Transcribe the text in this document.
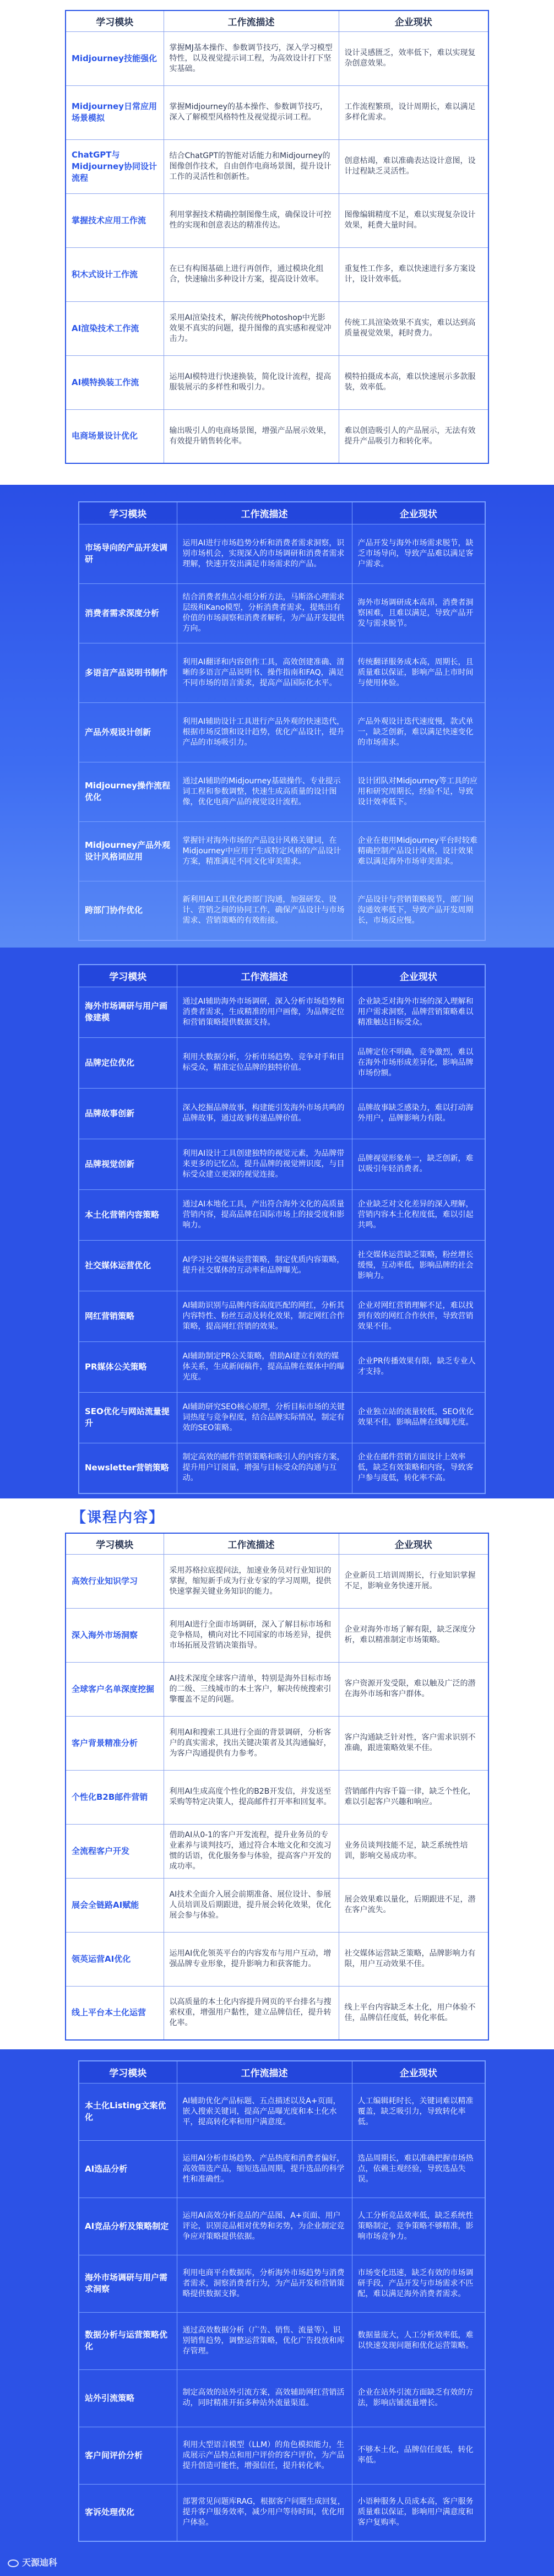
学习模块	工作流描述	企业现状
Midjourney技能强化	掌握MJ基本操作、参数调节技巧，深入学习模型特性，以及视觉提示词工程，为高效设计打下坚实基础。	设计灵感匮乏，效率低下，难以实现复杂创意效果。
Midjourney日常应用场景模拟	掌握Midjourney的基本操作、参数调节技巧，深入了解模型风格特性及视觉提示词工程。	工作流程繁琐，设计周期长，难以满足多样化需求。
ChatGPT与Midjourney协同设计流程	结合ChatGPT的智能对话能力和Midjourney的图像创作技术，自由创作电商场景图，提升设计工作的灵活性和创新性。	创意枯竭，难以准确表达设计意图，设计过程缺乏灵活性。
掌握技术应用工作流	利用掌握技术精确控制图像生成，确保设计可控性的实现和创意表达的精准传达。	图像编辑精度不足，难以实现复杂设计效果，耗费大量时间。
积木式设计工作流	在已有构图基础上进行再创作，通过模块化组合，快速输出多种设计方案，提高设计效率。	重复性工作多，难以快速进行多方案设计，设计效率低。
AI渲染技术工作流	采用AI渲染技术，解决传统Photoshop中光影效果不真实的问题，提升图像的真实感和视觉冲击力。	传统工具渲染效果不真实，难以达到高质量视觉效果，耗时费力。
AI模特换装工作流	运用AI模特进行快速换装，简化设计流程，提高服装展示的多样性和吸引力。	模特拍摄成本高，难以快速展示多款服装，效率低。
电商场景设计优化	输出吸引人的电商场景图，增强产品展示效果，有效提升销售转化率。	难以创造吸引人的产品展示，无法有效提升产品吸引力和转化率。
学习模块	工作流描述	企业现状
市场导向的产品开发调研	运用AI进行市场趋势分析和消费者需求洞察，识别市场机会，实现深入的市场调研和消费者需求理解，快速开发出满足市场需求的产品。	产品开发与海外市场需求脱节，缺乏市场导向，导致产品难以满足客户需求。
消费者需求深度分析	结合消费者焦点小组分析方法，马斯洛心理需求层级和Kano模型，分析消费者需求，提炼出有价值的市场洞察和消费者解析，为产品开发提供方向。	海外市场调研成本高昂，消费者洞察困难，且难以满足，导致产品开发与需求脱节。
多语言产品说明书制作	利用AI翻译和内容创作工具，高效创建准确、清晰的多语言产品说明书、操作指南和FAQ，满足不同市场的语言需求，提高产品国际化水平。	传统翻译服务成本高，周期长，且质量难以保证，影响产品上市时间与使用体验。
产品外观设计创新	利用AI辅助设计工具进行产品外观的快速迭代，根据市场反馈和设计趋势，优化产品设计，提升产品的市场吸引力。	产品外观设计迭代速度慢，款式单一，缺乏创新，难以满足快速变化的市场需求。
Midjourney操作流程优化	通过AI辅助的Midjourney基础操作、专业提示词工程和参数调整，快速生成高质量的设计图像，优化电商产品的视觉设计流程。	设计团队对Midjourney等工具的应用和研究周期长，经验不足，导致设计效率低下。
Midjourney产品外观设计风格词应用	掌握针对海外市场的产品设计风格关键词，在Midjourney中应用于生成特定风格的产品设计方案，精准满足不同文化审美需求。	企业在使用Midjourney平台时较难精确控制产品设计风格，设计效果难以满足海外市场审美需求。
跨部门协作优化	新利用AI工具优化跨部门沟通，加强研发、设计、营销之间的协同工作，确保产品设计与市场需求、营销策略的有效衔接。	产品设计与营销策略脱节，部门间沟通效率低下，导致产品开发周期长，市场反应慢。
学习模块	工作流描述	企业现状
海外市场调研与用户画像建模	通过AI辅助海外市场调研，深入分析市场趋势和消费者需求，生成精准的用户画像，为品牌定位和营销策略提供数据支持。	企业缺乏对海外市场的深入理解和用户需求洞察，品牌营销策略难以精准触达目标受众。
品牌定位优化	利用大数据分析，分析市场趋势、竞争对手和目标受众，精准定位品牌的独特价值。	品牌定位不明确，竞争激烈，难以在海外市场形成差异化，影响品牌市场份额。
品牌故事创新	深入挖掘品牌故事，构建能引发海外市场共鸣的品牌故事，通过故事传递品牌价值。	品牌故事缺乏感染力，难以打动海外用户，品牌影响力有限。
品牌视觉创新	利用AI设计工具创建独特的视觉元素，为品牌带来更多的记忆点，提升品牌的视觉辨识度，与目标受众建立更深的视觉连接。	品牌视觉形象单一，缺乏创新，难以吸引年轻消费者。
本土化营销内容策略	通过AI本地化工具，产出符合海外文化的高质量营销内容，提高品牌在国际市场上的接受度和影响力。	企业缺乏对文化差异的深入理解，营销内容本土化程度低，难以引起共鸣。
社交媒体运营优化	AI学习社交媒体运营策略，制定优质内容策略，提升社交媒体的互动率和品牌曝光。	社交媒体运营缺乏策略，粉丝增长缓慢，互动率低，影响品牌的社会影响力。
网红营销策略	AI辅助识别与品牌内容高度匹配的网红，分析其内容特性、粉丝互动及转化效果，制定网红合作策略，提高网红营销的效果。	企业对网红营销理解不足，难以找到有效的网红合作伙伴，导致营销效果不佳。
PR媒体公关策略	AI辅助制定PR公关策略，借助AI建立有效的媒体关系，生成新闻稿件，提高品牌在媒体中的曝光度。	企业PR传播效果有限，缺乏专业人才支持。
SEO优化与网站流量提升	AI辅助研究SEO核心原理，分析目标市场的关键词热度与竞争程度，结合品牌实际情况，制定有效的SEO策略。	企业独立站的流量较低，SEO优化效果不佳，影响品牌在线曝光度。
Newsletter营销策略	制定高效的邮件营销策略和吸引人的内容方案，提升用户订阅量，增强与目标受众的沟通与互动。	企业在邮件营销方面设计上效率低，缺乏有效策略和内容，导致客户参与度低，转化率不高。
【课程内容】
学习模块	工作流描述	企业现状
高效行业知识学习	采用苏格拉底提问法，加速业务员对行业知识的掌握，缩短新手成为行业专家的学习周期，提供快速掌握关键业务知识的能力。	企业新员工培训周期长，行业知识掌握不足，影响业务快速开展。
深入海外市场洞察	利用AI进行全面市场调研，深入了解目标市场和竞争格局，横向对比不同国家的市场差异，提供市场拓展及营销决策指导。	企业对海外市场了解有限，缺乏深度分析，难以精准制定市场策略。
全球客户名单深度挖掘	AI技术深度全球客户清单，特别是海外目标市场的二级、三线城市的本土客户，解决传统搜索引擎覆盖不足的问题。	客户资源开发受限，难以触及广泛的潜在海外市场和客户群体。
客户背景精准分析	利用AI和搜索工具进行全面的背景调研，分析客户的真实需求，找出关键决策者及其沟通偏好，为客户沟通提供有力参考。	客户沟通缺乏针对性，客户需求识别不准确，跟进策略效果不佳。
个性化B2B邮件营销	利用AI生成高度个性化的B2B开发信，并发送至采购等特定决策人，提高邮件打开率和回复率。	营销邮件内容千篇一律，缺乏个性化，难以引起客户兴趣和响应。
全流程客户开发	借助AI从0-1的客户开发流程，提升业务员的专业素养与谈判技巧，通过符合本地文化和交流习惯的话语，优化服务参与体验，提高客户开发的成功率。	业务员谈判技能不足，缺乏系统性培训，影响交易成功率。
展会全链路AI赋能	AI技术全面介入展会前期准备、展位设计、参展人员培训及后期跟进，提升展会转化效果，优化展会参与体验。	展会效果难以量化，后期跟进不足，潜在客户流失。
领英运营AI优化	运用AI优化领英平台的内容发布与用户互动，增强品牌专业形象，提升影响力和获客能力。	社交媒体运营缺乏策略，品牌影响力有限，用户互动效果不佳。
线上平台本土化运营	以高质量的本土化内容提升网页的平台排名与搜索权重，增强用户黏性，建立品牌信任，提升转化率。	线上平台内容缺乏本土化，用户体验不佳，品牌信任度低，转化率低。
学习模块	工作流描述	企业现状
本土化Listing文案优化	AI辅助优化产品标题、五点描述以及A+页面，嵌入搜索关键词，提高产品曝光度和本土化水平，提高转化率和用户满意度。	人工编辑耗时长，关键词难以精准覆盖，缺乏吸引力，导致转化率低。
AI选品分析	运用AI分析市场趋势、产品热度和消费者偏好，高效筛选产品，缩短选品周期，提升选品的科学性和准确性。	选品周期长，难以准确把握市场热点，依赖主观经验，导致选品失误。
AI竞品分析及策略制定	运用AI高效分析竞品的产品图、A+页面、用户评论，识别竞品相对优势和劣势，为企业制定竞争应对策略提供依据。	人工分析竞品效率低，缺乏系统性策略制定，竞争策略不够精准，影响市场竞争力。
海外市场调研与用户需求洞察	利用电商平台数据库，分析海外市场趋势与消费者需求，洞察消费者行为，为产品开发和营销策略提供数据支撑。	市场变化迅速，缺乏有效的市场调研手段，产品开发与市场需求不匹配，难以满足海外消费者需求。
数据分析与运营策略优化	通过高效数据分析（广告、销售、流量等），识别销售趋势，调整运营策略，优化广告投放和库存管理。	数据量庞大，人工分析效率低，难以快速发现问题和优化运营策略。
站外引流策略	制定高效的站外引流方案，高效辅助网红营销活动，同时精准开拓多种站外流量渠道。	企业在站外引流方面缺乏有效的方法，影响店铺流量增长。
客户间评价分析	利用大型语言模型（LLM）的角色模拟能力，生成展示产品特点和用户评价的客户评价，为产品提升创造可能性，增强信任，提升转化率。	不够本土化，品牌信任度低，转化率低。
客诉处理优化	部署常见问题库RAG，根据客户问题生成回复，提升客户服务效率，减少用户等待时间，优化用户体验。	小语种服务人员成本高，客户服务质量难以保证，影响用户满意度和客户复购率。
天源迪科
